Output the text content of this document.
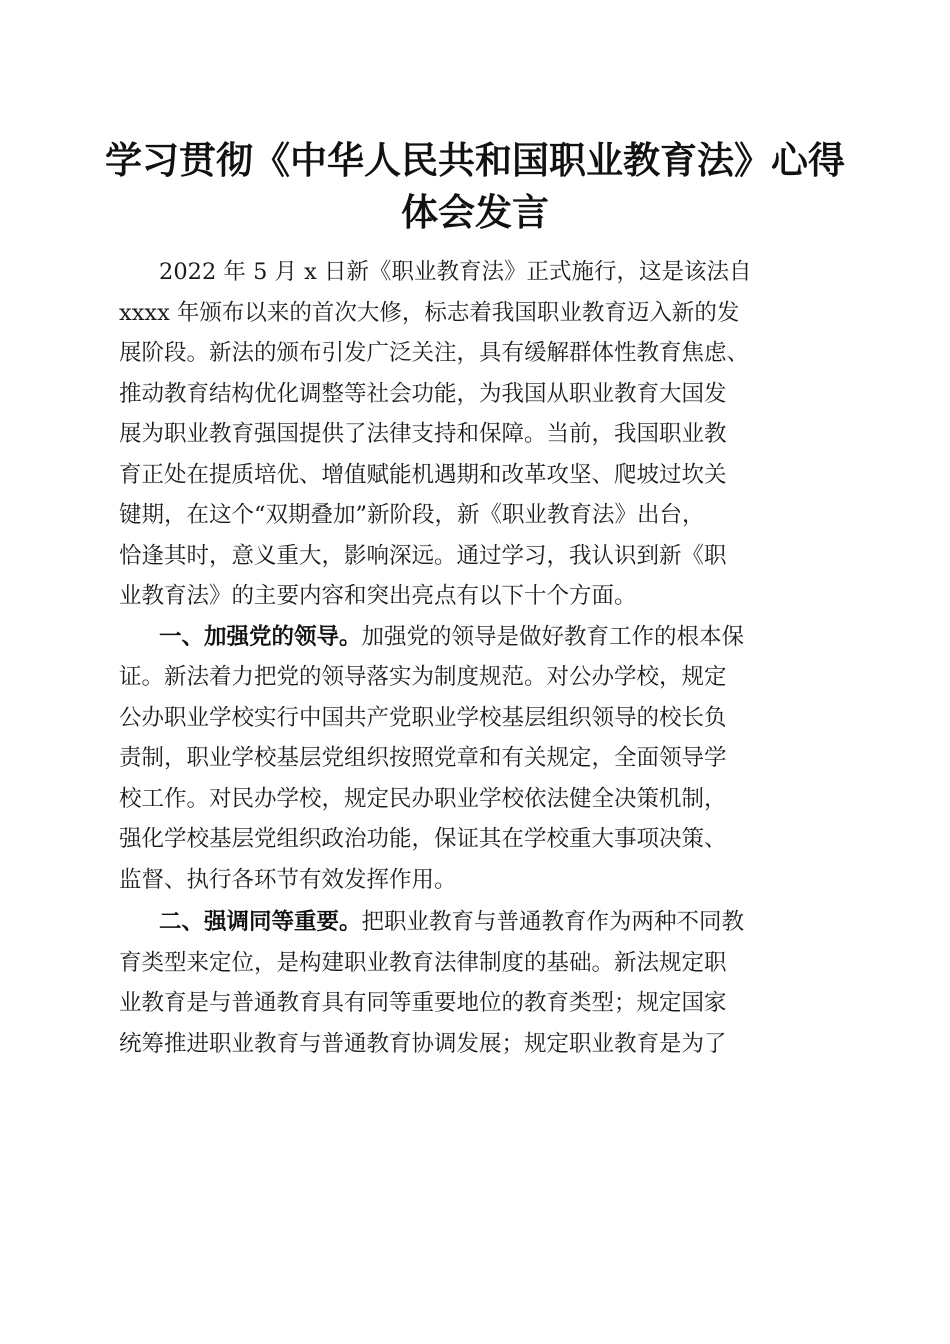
学习贯彻《中华人民共和国职业教育法》心得
体会发言
2022 年 5 月 x 日新《职业教育法》正式施行，这是该法自
xxxx 年颁布以来的首次大修，标志着我国职业教育迈入新的发
展阶段。新法的颁布引发广泛关注，具有缓解群体性教育焦虑、
推动教育结构优化调整等社会功能，为我国从职业教育大国发
展为职业教育强国提供了法律支持和保障。当前，我国职业教
育正处在提质培优、增值赋能机遇期和改革攻坚、爬坡过坎关
键期，在这个“双期叠加”新阶段，新《职业教育法》出台，
恰逢其时，意义重大，影响深远。通过学习，我认识到新《职
业教育法》的主要内容和突出亮点有以下十个方面。
一、加强党的领导。加强党的领导是做好教育工作的根本保
证。新法着力把党的领导落实为制度规范。对公办学校，规定
公办职业学校实行中国共产党职业学校基层组织领导的校长负
责制，职业学校基层党组织按照党章和有关规定，全面领导学
校工作。对民办学校，规定民办职业学校依法健全决策机制，
强化学校基层党组织政治功能，保证其在学校重大事项决策、
监督、执行各环节有效发挥作用。
二、强调同等重要。把职业教育与普通教育作为两种不同教
育类型来定位，是构建职业教育法律制度的基础。新法规定职
业教育是与普通教育具有同等重要地位的教育类型；规定国家
统筹推进职业教育与普通教育协调发展；规定职业教育是为了
